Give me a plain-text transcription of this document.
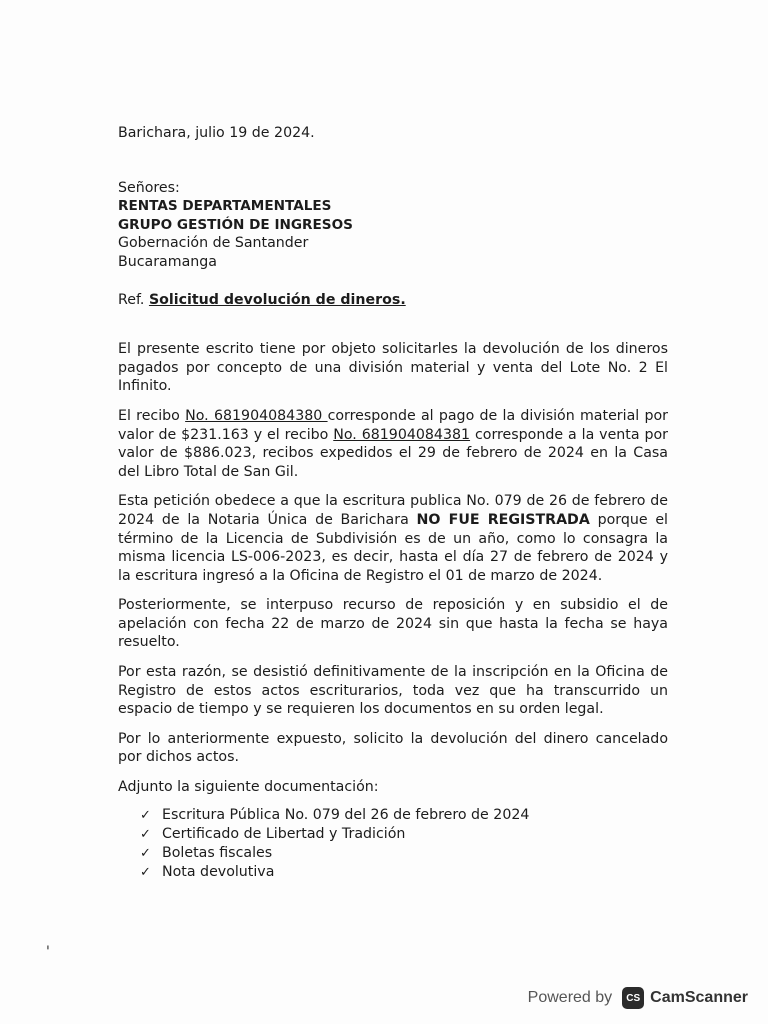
Barichara, julio 19 de 2024.

Señores:

RENTAS DEPARTAMENTALES

GRUPO GESTIÓN DE INGRESOS

Gobernación de Santander

Bucaramanga

Ref. Solicitud devolución de dineros.

El presente escrito tiene por objeto solicitarles la devolución de los dineros pagados por concepto de una división material y venta del Lote No. 2 El Infinito.

El recibo No. 681904084380 corresponde al pago de la división material por valor de $231.163 y el recibo No. 681904084381 corresponde a la venta por valor de $886.023, recibos expedidos el 29 de febrero de 2024 en la Casa del Libro Total de San Gil.

Esta petición obedece a que la escritura publica No. 079 de 26 de febrero de 2024 de la Notaria Única de Barichara NO FUE REGISTRADA porque el término de la Licencia de Subdivisión es de un año, como lo consagra la misma licencia LS-006-2023, es decir, hasta el día 27 de febrero de 2024 y la escritura ingresó a la Oficina de Registro el 01 de marzo de 2024.

Posteriormente, se interpuso recurso de reposición y en subsidio el de apelación con fecha 22 de marzo de 2024 sin que hasta la fecha se haya resuelto.

Por esta razón, se desistió definitivamente de la inscripción en la Oficina de Registro de estos actos escriturarios, toda vez que ha transcurrido un espacio de tiempo y se requieren los documentos en su orden legal.

Por lo anteriormente expuesto, solicito la devolución del dinero cancelado por dichos actos.

Adjunto la siguiente documentación:

✓ Escritura Pública No. 079 del 26 de febrero de 2024
✓ Certificado de Libertad y Tradición
✓ Boletas fiscales
✓ Nota devolutiva
'
Powered by	CS CamScanner
